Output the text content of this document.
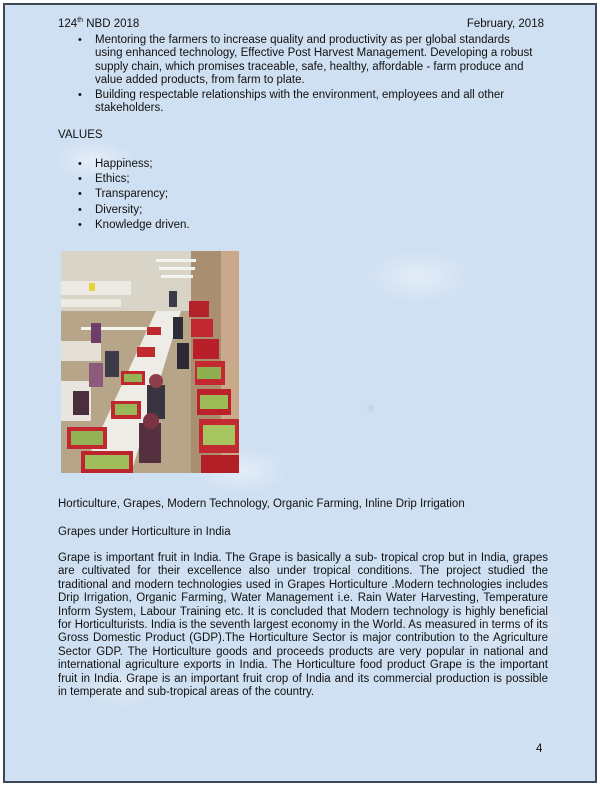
124th NBD 2018	February, 2018
• Mentoring the farmers to increase quality and productivity as per global standards using enhanced technology, Effective Post Harvest Management. Developing a robust supply chain, which promises traceable, safe, healthy, affordable - farm produce and value added products, from farm to plate.
• Building respectable relationships with the environment, employees and all other stakeholders.
VALUES
• Happiness;
• Ethics;
• Transparency;
• Diversity;
• Knowledge driven.
Horticulture, Grapes, Modern Technology, Organic Farming, Inline Drip Irrigation
Grapes under Horticulture in India

Grape is important fruit in India. The Grape is basically a sub- tropical crop but in India, grapes are cultivated for their excellence also under tropical conditions. The project studied the traditional and modern technologies used in Grapes Horticulture .Modern technologies includes Drip Irrigation, Organic Farming, Water Management i.e. Rain Water Harvesting, Temperature Inform System, Labour Training etc. It is concluded that Modern technology is highly beneficial for Horticulturists. India is the seventh largest economy in the World. As measured in terms of its Gross Domestic Product (GDP).The Horticulture Sector is major contribution to the Agriculture Sector GDP. The Horticulture goods and proceeds products are very popular in national and international agriculture exports in India. The Horticulture food product Grape is the important fruit in India. Grape is an important fruit crop of India and its commercial production is possible in temperate and sub-tropical areas of the country.

4
